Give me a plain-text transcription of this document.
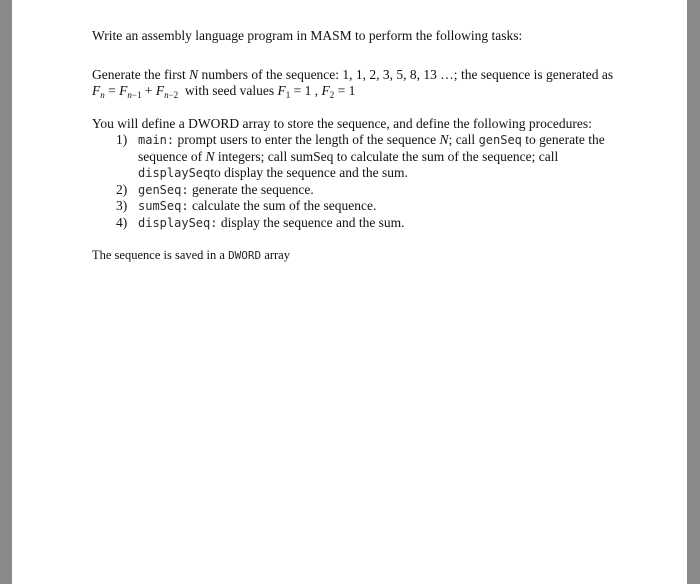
Write an assembly language program in MASM to perform the following tasks:

Generate the first N numbers of the sequence: 1, 1, 2, 3, 5, 8, 13 …; the sequence is generated as
$F_n = F_{n-1} + F_{n-2}$ with seed values $F_1 = 1$ , $F_2 = 1$

You will define a DWORD array to store the sequence, and define the following procedures:

1) main: prompt users to enter the length of the sequence N; call genSeq to generate the sequence of N integers; call sumSeq to calculate the sum of the sequence; call displaySeqto display the sequence and the sum.
2) genSeq: generate the sequence.
3) sumSeq: calculate the sum of the sequence.
4) displaySeq: display the sequence and the sum.

The sequence is saved in a DWORD array
